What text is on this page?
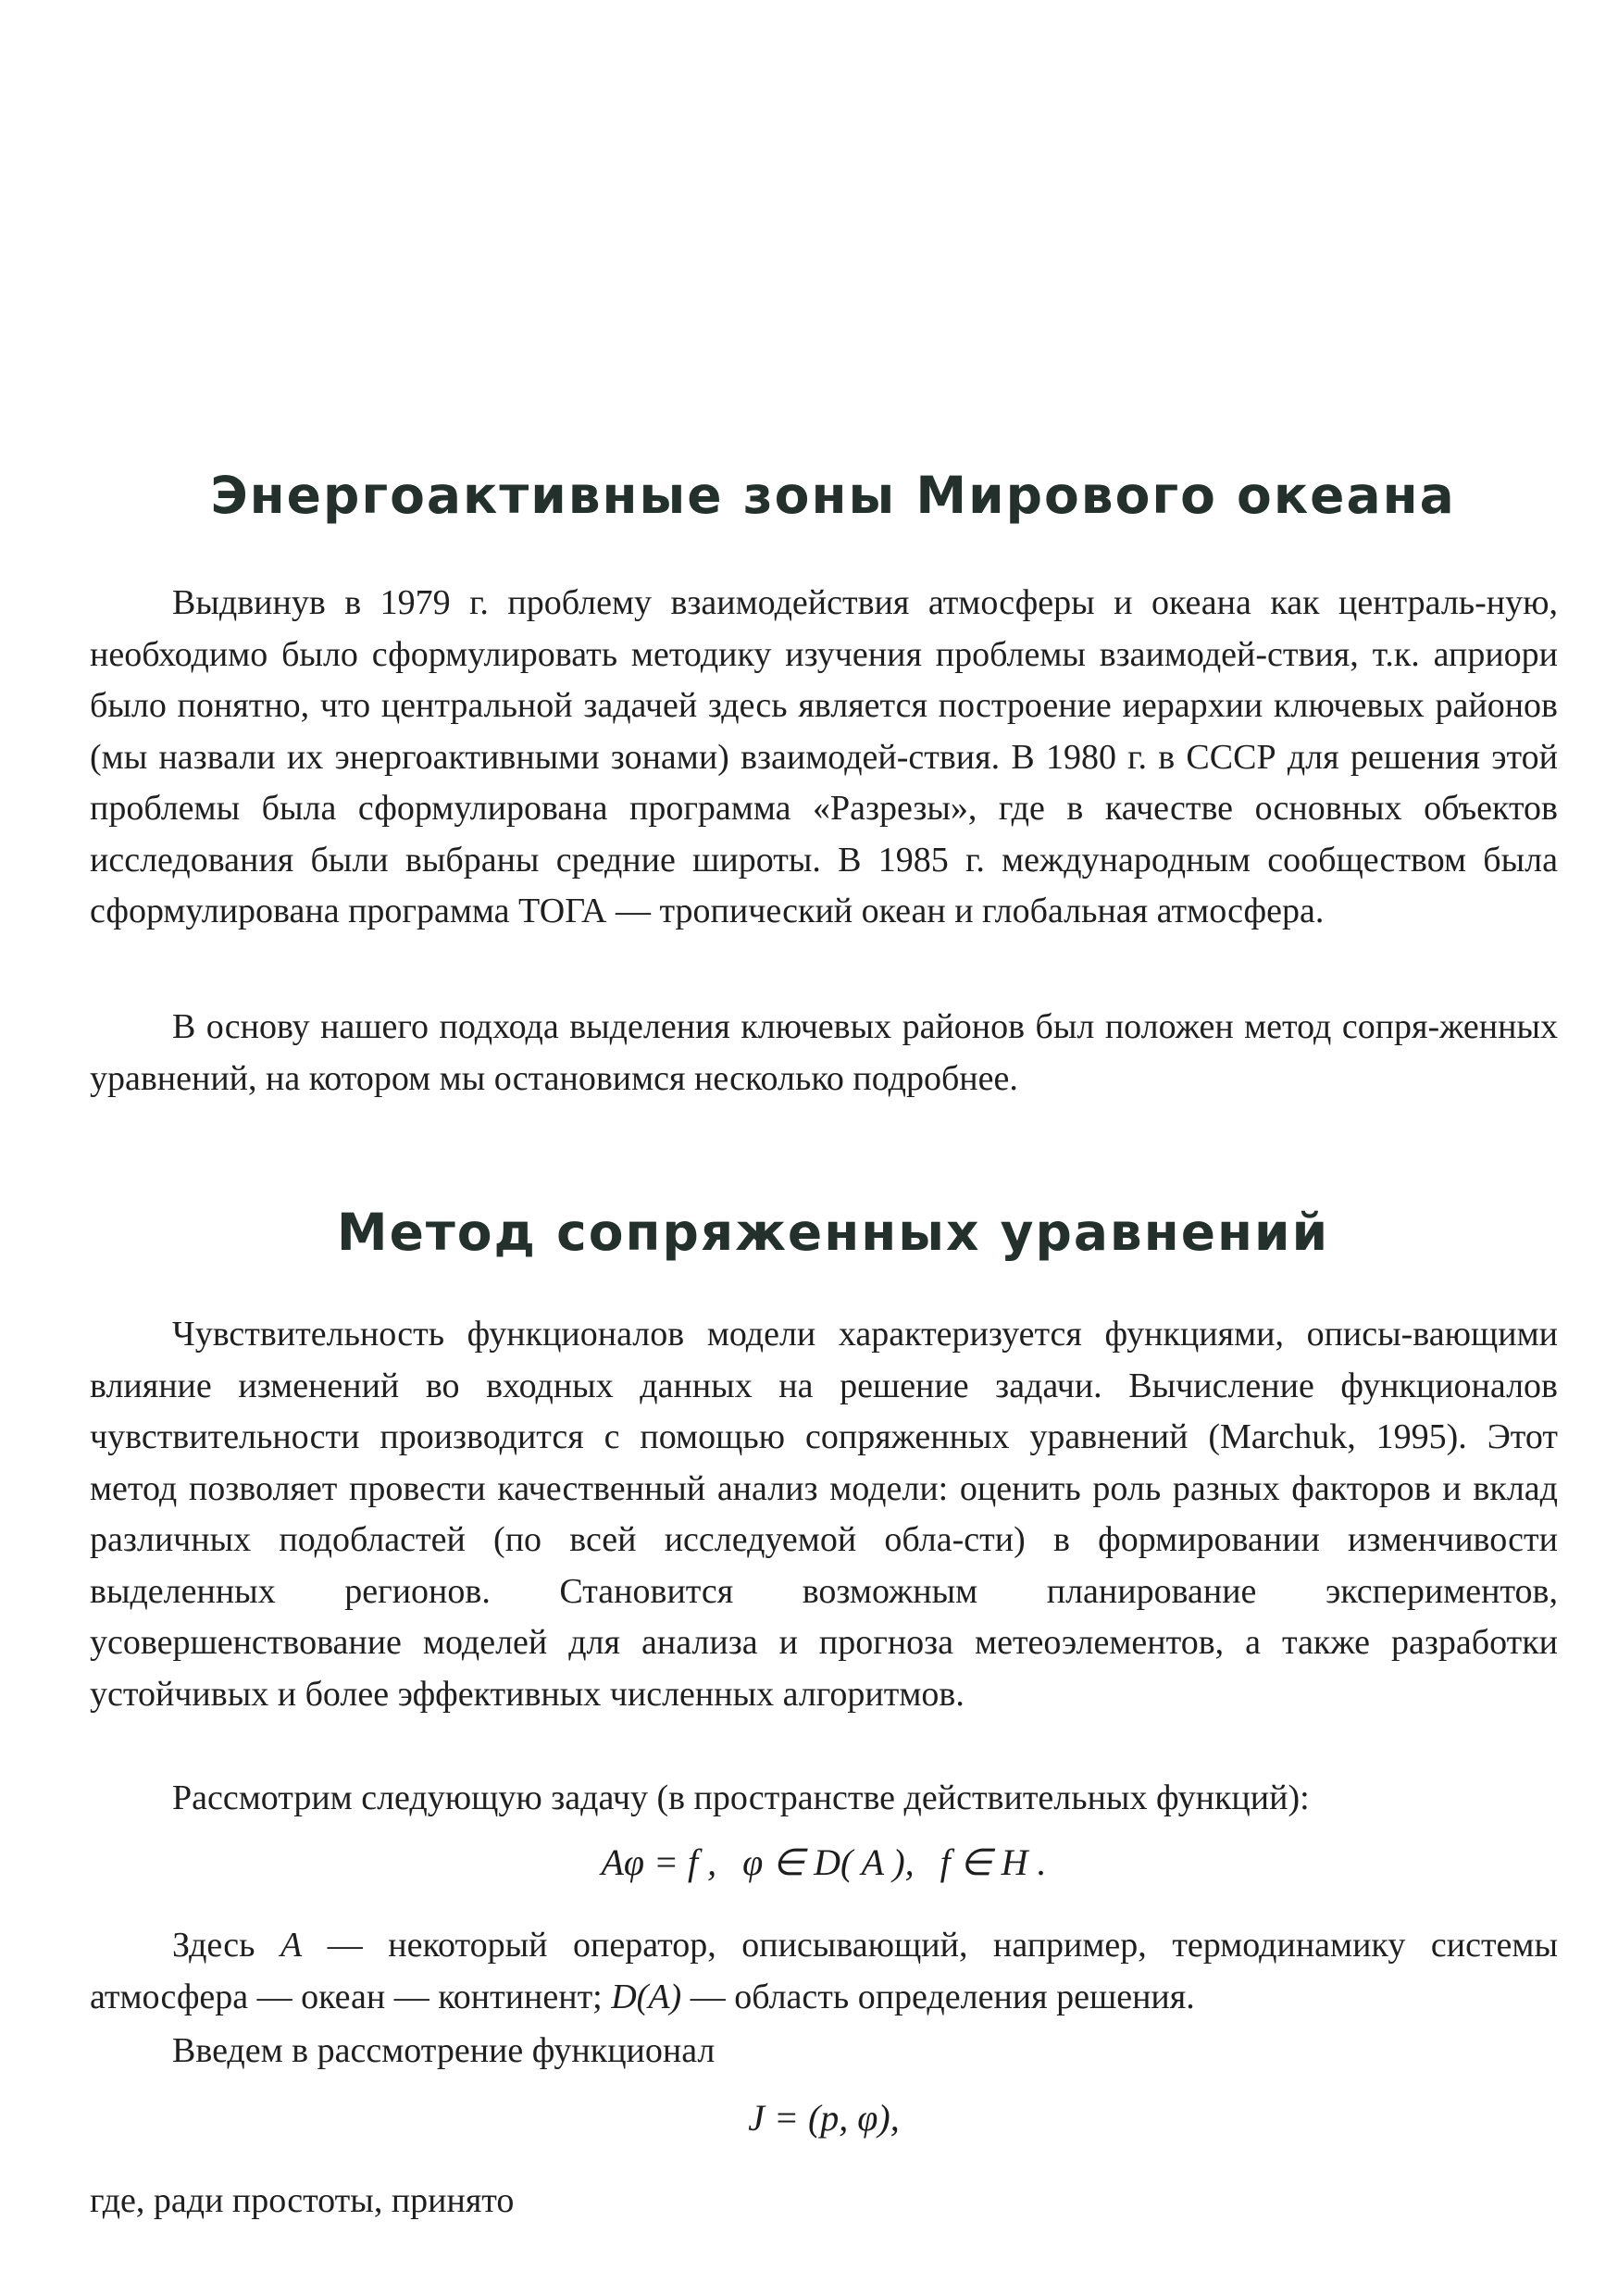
Энергоактивные зоны Мирового океана

Выдвинув в 1979 г. проблему взаимодействия атмосферы и океана как централь-ную, необходимо было сформулировать методику изучения проблемы взаимодей-ствия, т.к. априори было понятно, что центральной задачей здесь является построение иерархии ключевых районов (мы назвали их энергоактивными зонами) взаимодей-ствия. В 1980 г. в СССР для решения этой проблемы была сформулирована программа «Разрезы», где в качестве основных объектов исследования были выбраны средние широты. В 1985 г. международным сообществом была сформулирована программа ТОГА — тропический океан и глобальная атмосфера.

В основу нашего подхода выделения ключевых районов был положен метод сопря-женных уравнений, на котором мы остановимся несколько подробнее.

Метод сопряженных уравнений

Чувствительность функционалов модели характеризуется функциями, описы-вающими влияние изменений во входных данных на решение задачи. Вычисление функционалов чувствительности производится с помощью сопряженных уравнений (Marchuk, 1995). Этот метод позволяет провести качественный анализ модели: оценить роль разных факторов и вклад различных подобластей (по всей исследуемой обла-сти) в формировании изменчивости выделенных регионов. Становится возможным планирование экспериментов, усовершенствование моделей для анализа и прогноза метеоэлементов, а также разработки устойчивых и более эффективных численных алгоритмов.

Рассмотрим следующую задачу (в пространстве действительных функций):

Aφ = f , φ ∈ D( A ), f ∈ H .

Здесь A — некоторый оператор, описывающий, например, термодинамику системы атмосфера — океан — континент; D(A) — область определения решения.

Введем в рассмотрение функционал

J = (p, φ),

где, ради простоты, принято
